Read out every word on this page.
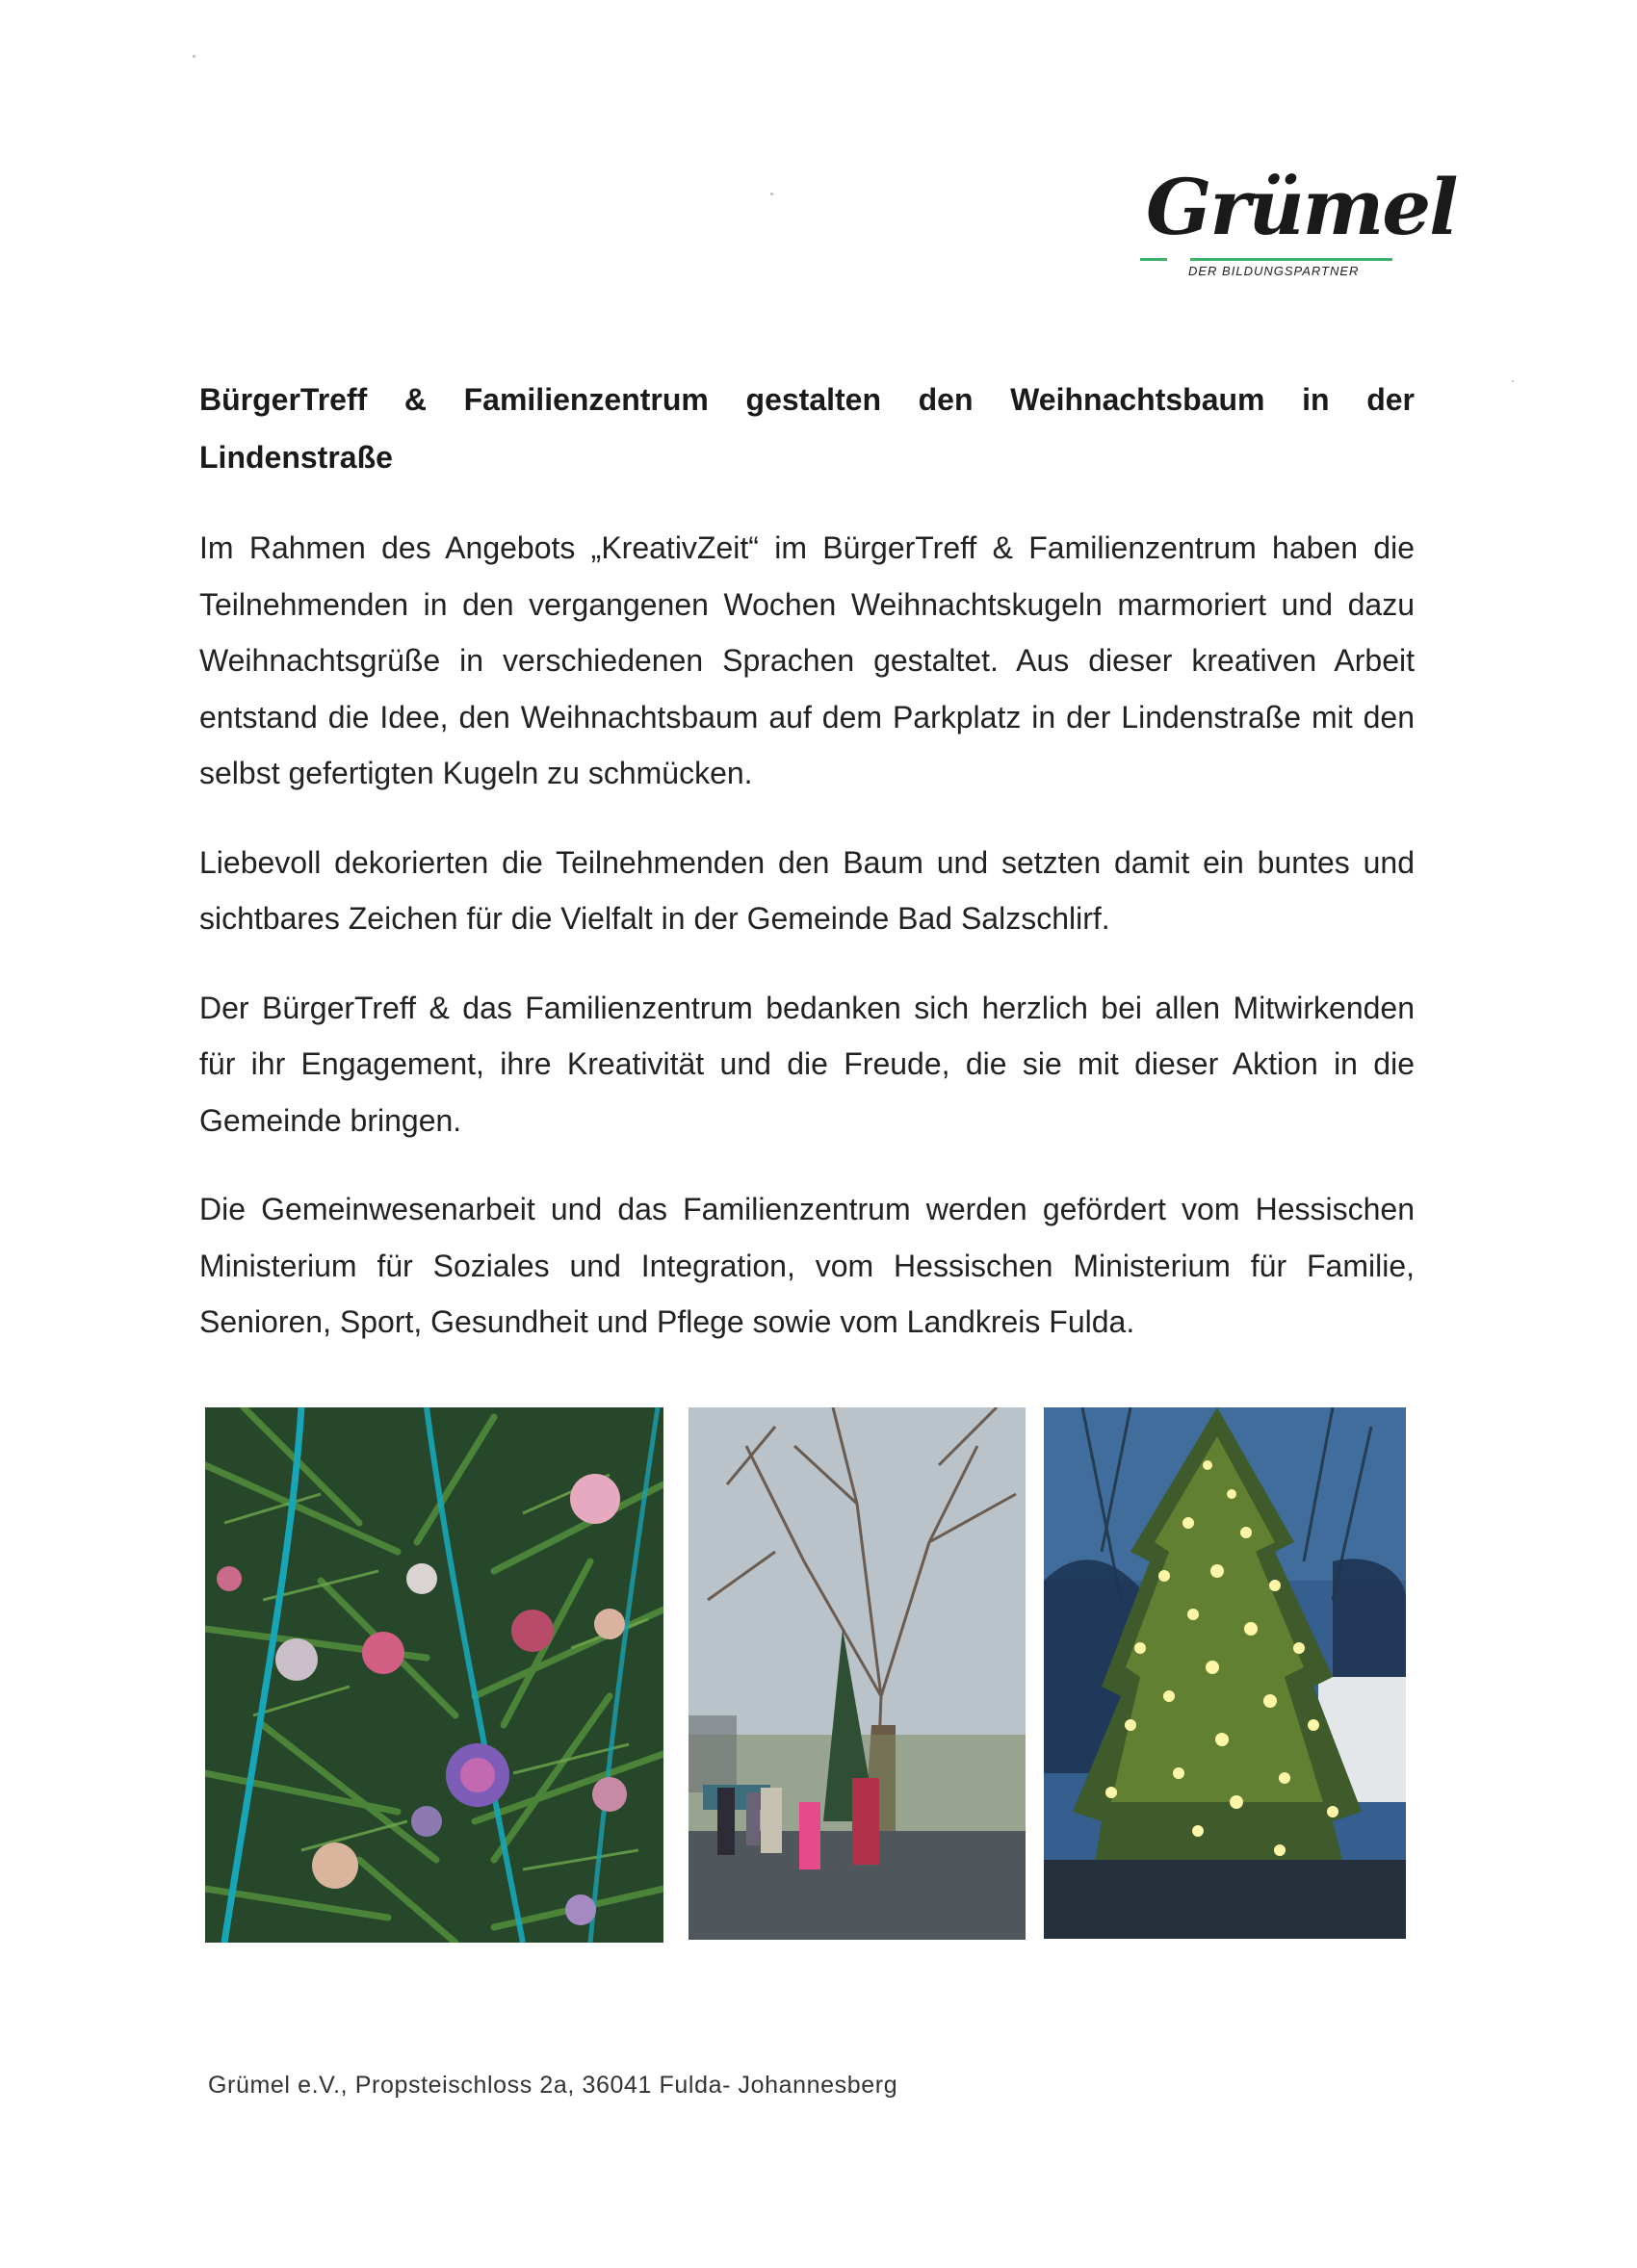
Grümel
DER BILDUNGSPARTNER
BürgerTreff & Familienzentrum gestalten den Weihnachtsbaum in der Lindenstraße

Im Rahmen des Angebots „KreativZeit“ im BürgerTreff & Familienzentrum haben die Teilnehmenden in den vergangenen Wochen Weihnachtskugeln marmoriert und dazu Weihnachtsgrüße in verschiedenen Sprachen gestaltet. Aus dieser kreativen Arbeit entstand die Idee, den Weihnachtsbaum auf dem Parkplatz in der Lindenstraße mit den selbst gefertigten Kugeln zu schmücken.

Liebevoll dekorierten die Teilnehmenden den Baum und setzten damit ein buntes und sichtbares Zeichen für die Vielfalt in der Gemeinde Bad Salzschlirf.

Der BürgerTreff & das Familienzentrum bedanken sich herzlich bei allen Mitwirkenden für ihr Engagement, ihre Kreativität und die Freude, die sie mit dieser Aktion in die Gemeinde bringen.

Die Gemeinwesenarbeit und das Familienzentrum werden gefördert vom Hessischen Ministerium für Soziales und Integration, vom Hessischen Ministerium für Familie, Senioren, Sport, Gesundheit und Pflege sowie vom Landkreis Fulda.

Grümel e.V., Propsteischloss 2a, 36041 Fulda- Johannesberg
